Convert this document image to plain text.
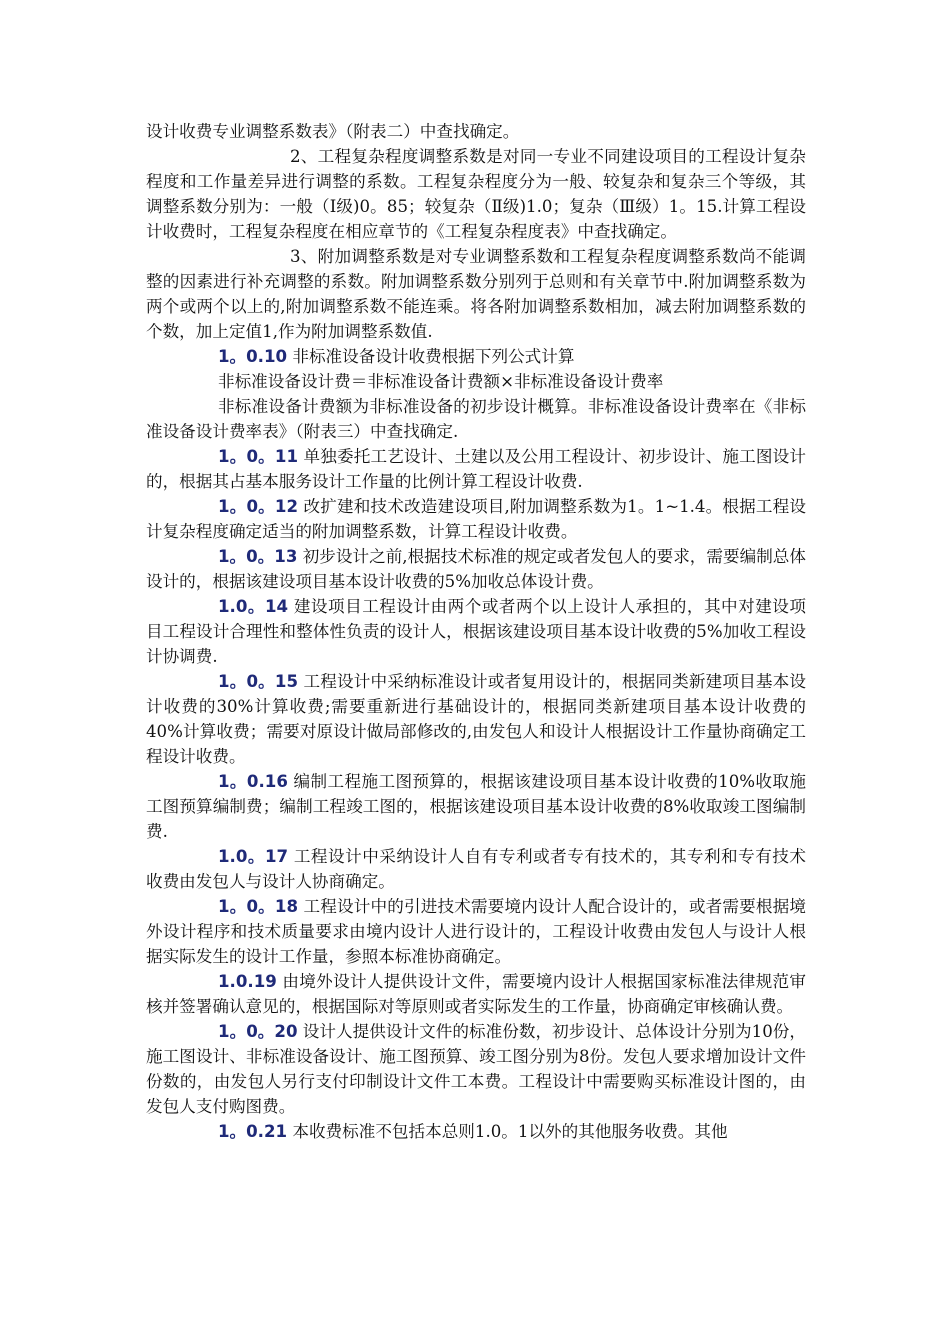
设计收费专业调整系数表》（附表二）中查找确定。

2、工程复杂程度调整系数是对同一专业不同建设项目的工程设计复杂程度和工作量差异进行调整的系数。工程复杂程度分为一般、较复杂和复杂三个等级，其调整系数分别为：一般（Ⅰ级)0。85；较复杂（Ⅱ级)1.0；复杂（Ⅲ级）1。15.计算工程设计收费时，工程复杂程度在相应章节的《工程复杂程度表》中查找确定。

3、附加调整系数是对专业调整系数和工程复杂程度调整系数尚不能调整的因素进行补充调整的系数。附加调整系数分别列于总则和有关章节中.附加调整系数为两个或两个以上的,附加调整系数不能连乘。将各附加调整系数相加，减去附加调整系数的个数，加上定值1,作为附加调整系数值.

1。0.10 非标准设备设计收费根据下列公式计算

非标准设备设计费＝非标准设备计费额×非标准设备设计费率

非标准设备计费额为非标准设备的初步设计概算。非标准设备设计费率在《非标准设备设计费率表》（附表三）中查找确定.

1。0。11 单独委托工艺设计、土建以及公用工程设计、初步设计、施工图设计的，根据其占基本服务设计工作量的比例计算工程设计收费.

1。0。12 改扩建和技术改造建设项目,附加调整系数为1。1~1.4。根据工程设计复杂程度确定适当的附加调整系数，计算工程设计收费。

1。0。13 初步设计之前,根据技术标准的规定或者发包人的要求，需要编制总体设计的，根据该建设项目基本设计收费的5%加收总体设计费。

1.0。14 建设项目工程设计由两个或者两个以上设计人承担的，其中对建设项目工程设计合理性和整体性负责的设计人，根据该建设项目基本设计收费的5%加收工程设计协调费.

1。0。15 工程设计中采纳标准设计或者复用设计的，根据同类新建项目基本设计收费的30%计算收费;需要重新进行基础设计的，根据同类新建项目基本设计收费的40%计算收费；需要对原设计做局部修改的,由发包人和设计人根据设计工作量协商确定工程设计收费。

1。0.16 编制工程施工图预算的，根据该建设项目基本设计收费的10%收取施工图预算编制费；编制工程竣工图的，根据该建设项目基本设计收费的8%收取竣工图编制费.

1.0。17 工程设计中采纳设计人自有专利或者专有技术的，其专利和专有技术收费由发包人与设计人协商确定。

1。0。18 工程设计中的引进技术需要境内设计人配合设计的，或者需要根据境外设计程序和技术质量要求由境内设计人进行设计的，工程设计收费由发包人与设计人根据实际发生的设计工作量，参照本标准协商确定。

1.0.19 由境外设计人提供设计文件，需要境内设计人根据国家标准法律规范审核并签署确认意见的，根据国际对等原则或者实际发生的工作量，协商确定审核确认费。

1。0。20 设计人提供设计文件的标准份数，初步设计、总体设计分别为10份，施工图设计、非标准设备设计、施工图预算、竣工图分别为8份。发包人要求增加设计文件份数的，由发包人另行支付印制设计文件工本费。工程设计中需要购买标准设计图的，由发包人支付购图费。

1。0.21 本收费标准不包括本总则1.0。1以外的其他服务收费。其他
